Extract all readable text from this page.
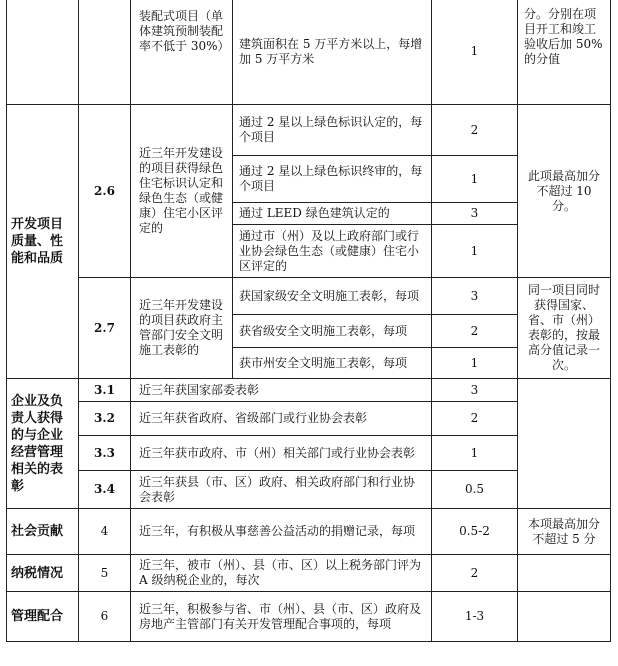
		装配式项目（单体建筑预制装配率不低于 30%）	建筑面积在 5 万平方米以上，每增加 5 万平方米	1	分。分别在项目开工和竣工验收后加 50%的分值
开发项目质量、性能和品质	2.6	近三年开发建设的项目获得绿色住宅标识认定和绿色生态（或健康）住宅小区评定的	通过 2 星以上绿色标识认定的，每个项目	2	此项最高加分不超过 10 分。
			通过 2 星以上绿色标识终审的，每个项目	1	
			通过 LEED 绿色建筑认定的	3	
			通过市（州）及以上政府部门或行业协会绿色生态（或健康）住宅小区评定的	1	
	2.7	近三年开发建设的项目获政府主管部门安全文明施工表彰的	获国家级安全文明施工表彰，每项	3	同一项目同时获得国家、省、市（州）表彰的，按最高分值记录一次。
			获省级安全文明施工表彰，每项	2	
			获市州安全文明施工表彰，每项	1	
企业及负责人获得的与企业经营管理相关的表彰	3.1	近三年获国家部委表彰		3	
	3.2	近三年获省政府、省级部门或行业协会表彰		2	
	3.3	近三年获市政府、市（州）相关部门或行业协会表彰		1	
	3.4	近三年获县（市、区）政府、相关政府部门和行业协会表彰		0.5	
社会贡献	4	近三年，有积极从事慈善公益活动的捐赠记录，每项		0.5-2	本项最高加分不超过 5 分
纳税情况	5	近三年，被市（州）、县（市、区）以上税务部门评为 A 级纳税企业的，每次		2	
管理配合	6	近三年，积极参与省、市（州）、县（市、区）政府及房地产主管部门有关开发管理配合事项的，每项		1-3	
